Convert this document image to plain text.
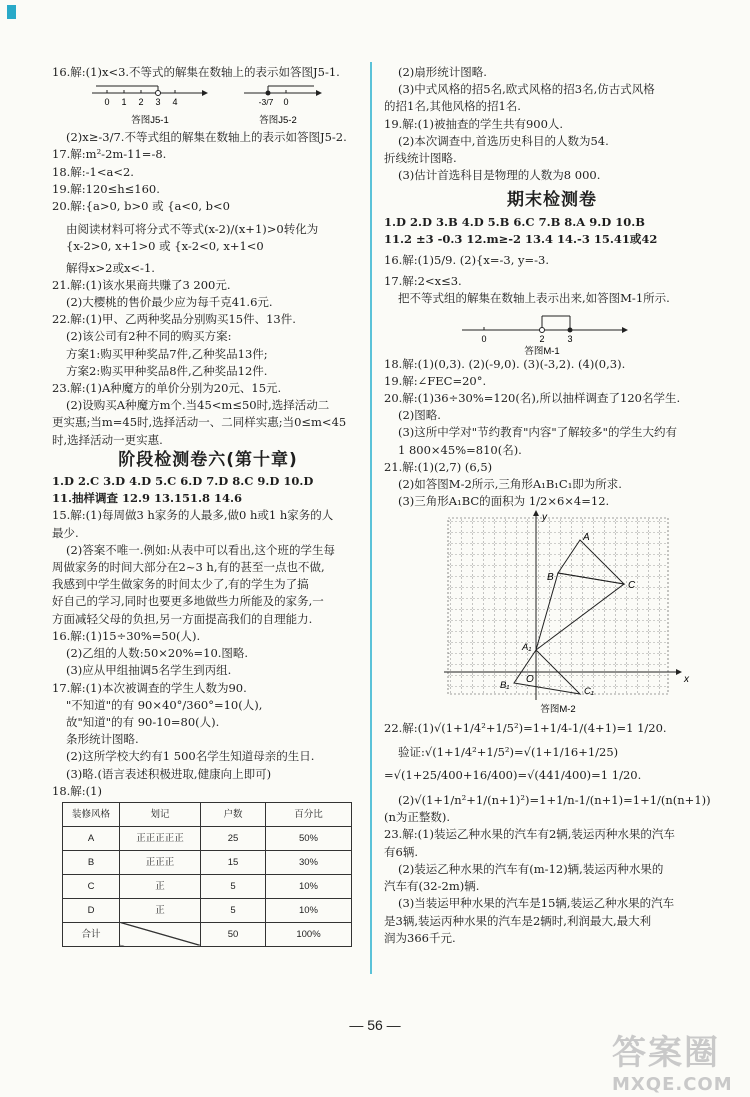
16.解:(1)x<3.不等式的解集在数轴上的表示如答图J5-1.

0 1 2 3 4
答图J5-1
-3/7 0
答图J5-2

(2)x≥-3/7.不等式组的解集在数轴上的表示如答图J5-2.

17.解:m²-2m-11=-8.

18.解:-1<a<2.

19.解:120≤h≤160.

20.解:{a>0, b>0 或 {a<0, b<0

由阅读材料可将分式不等式(x-2)/(x+1)>0转化为

{x-2>0, x+1>0 或 {x-2<0, x+1<0

解得x>2或x<-1.

21.解:(1)该水果商共赚了3 200元.

(2)大樱桃的售价最少应为每千克41.6元.

22.解:(1)甲、乙两种奖品分别购买15件、13件.

(2)该公司有2种不同的购买方案:

方案1:购买甲种奖品7件,乙种奖品13件;

方案2:购买甲种奖品8件,乙种奖品12件.

23.解:(1)A种魔方的单价分别为20元、15元.

(2)设购买A种魔方m个.当45<m≤50时,选择活动二

更实惠;当m=45时,选择活动一、二同样实惠;当0≤m<45

时,选择活动一更实惠.

阶段检测卷六(第十章)

1.D 2.C 3.D 4.D 5.C 6.D 7.D 8.C 9.D 10.D

11.抽样调查 12.9 13.151.8 14.6

15.解:(1)每周做3 h家务的人最多,做0 h或1 h家务的人

最少.

(2)答案不唯一.例如:从表中可以看出,这个班的学生每

周做家务的时间大部分在2~3 h,有的甚至一点也不做,

我感到中学生做家务的时间太少了,有的学生为了搞

好自己的学习,同时也要更多地做些力所能及的家务,一

方面减轻父母的负担,另一方面提高我们的自理能力.

16.解:(1)15÷30%=50(人).

(2)乙组的人数:50×20%=10.图略.

(3)应从甲组抽调5名学生到丙组.

17.解:(1)本次被调查的学生人数为90.

"不知道"的有 90×40°/360°=10(人),

故"知道"的有 90-10=80(人).

条形统计图略.

(2)这所学校大约有1 500名学生知道母亲的生日.

(3)略.(语言表述积极进取,健康向上即可)

18.解:(1)

装修风格	划记	户数	百分比
A	正正正正正	25	50%
B	正正正	15	30%
C	正	5	10%
D	正	5	10%
合计		50	100%

(2)扇形统计图略.

(3)中式风格的招5名,欧式风格的招3名,仿古式风格

的招1名,其他风格的招1名.

19.解:(1)被抽查的学生共有900人.

(2)本次调查中,首选历史科目的人数为54.

折线统计图略.

(3)估计首选科目是物理的人数为8 000.

期末检测卷

1.D 2.D 3.B 4.D 5.B 6.C 7.B 8.A 9.D 10.B

11.2 ±3 -0.3 12.m≥-2 13.4 14.-3 15.41或42

16.解:(1)5/9. (2){x=-3, y=-3.

17.解:2<x≤3.

把不等式组的解集在数轴上表示出来,如答图M-1所示.

0	2	3
答图M-1

18.解:(1)(0,3). (2)(-9,0). (3)(-3,2). (4)(0,3).

19.解:∠FEC=20°.

20.解:(1)36÷30%=120(名),所以抽样调查了120名学生.

(2)图略.

(3)这所中学对"节约教育"内容"了解较多"的学生大约有

1 800×45%=810(名).

21.解:(1)(2,7) (6,5)

(2)如答图M-2所示,三角形A₁B₁C₁即为所求.

(3)三角形A₁BC的面积为 1/2×6×4=12.

y
x
O
A
B
C
A₁
B₁
C₁
答图M-2

22.解:(1)√(1+1/4²+1/5²)=1+1/4-1/(4+1)=1 1/20.

验证:√(1+1/4²+1/5²)=√(1+1/16+1/25)

=√(1+25/400+16/400)=√(441/400)=1 1/20.

(2)√(1+1/n²+1/(n+1)²)=1+1/n-1/(n+1)=1+1/(n(n+1))

(n为正整数).

23.解:(1)装运乙种水果的汽车有2辆,装运丙种水果的汽车

有6辆.

(2)装运乙种水果的汽车有(m-12)辆,装运丙种水果的

汽车有(32-2m)辆.

(3)当装运甲种水果的汽车是15辆,装运乙种水果的汽车

是3辆,装运丙种水果的汽车是2辆时,利润最大,最大利

润为366千元.

— 56 —
答案圈
MXQE.COM
